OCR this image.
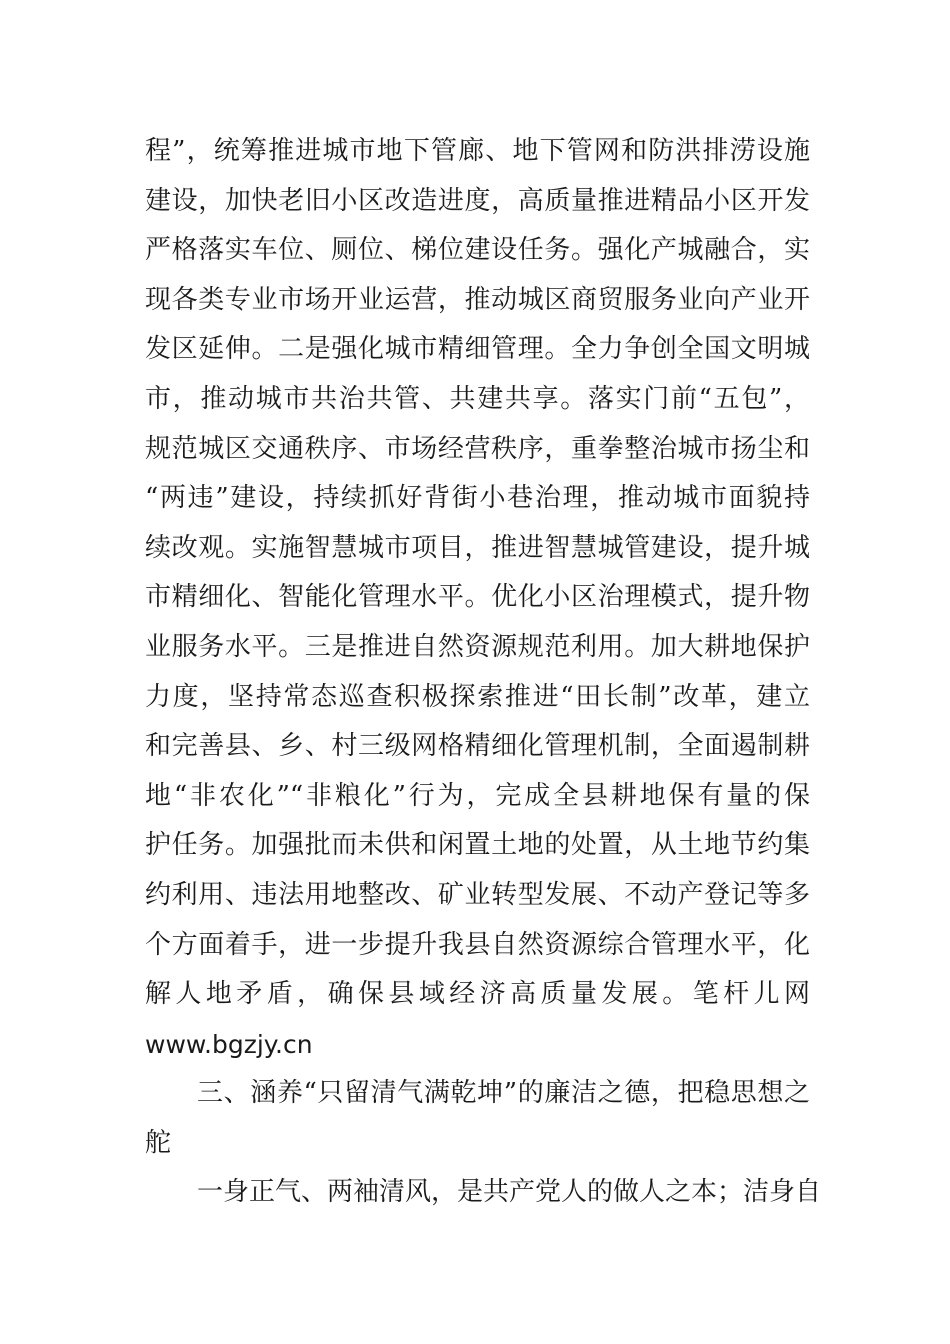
程”，统筹推进城市地下管廊、地下管网和防洪排涝设施
建设，加快老旧小区改造进度，高质量推进精品小区开发
严格落实车位、厕位、梯位建设任务。强化产城融合，实
现各类专业市场开业运营，推动城区商贸服务业向产业开
发区延伸。二是强化城市精细管理。全力争创全国文明城
市，推动城市共治共管、共建共享。落实门前“五包”，
规范城区交通秩序、市场经营秩序，重拳整治城市扬尘和
“两违”建设，持续抓好背街小巷治理，推动城市面貌持
续改观。实施智慧城市项目，推进智慧城管建设，提升城
市精细化、智能化管理水平。优化小区治理模式，提升物
业服务水平。三是推进自然资源规范利用。加大耕地保护
力度，坚持常态巡查积极探索推进“田长制”改革，建立
和完善县、乡、村三级网格精细化管理机制，全面遏制耕
地“非农化”“非粮化”行为，完成全县耕地保有量的保
护任务。加强批而未供和闲置土地的处置，从土地节约集
约利用、违法用地整改、矿业转型发展、不动产登记等多
个方面着手，进一步提升我县自然资源综合管理水平，化
解人地矛盾，确保县域经济高质量发展。笔杆儿网
www.bgzjy.cn
三、涵养“只留清气满乾坤”的廉洁之德，把稳思想之
舵
一身正气、两袖清风，是共产党人的做人之本；洁身自
